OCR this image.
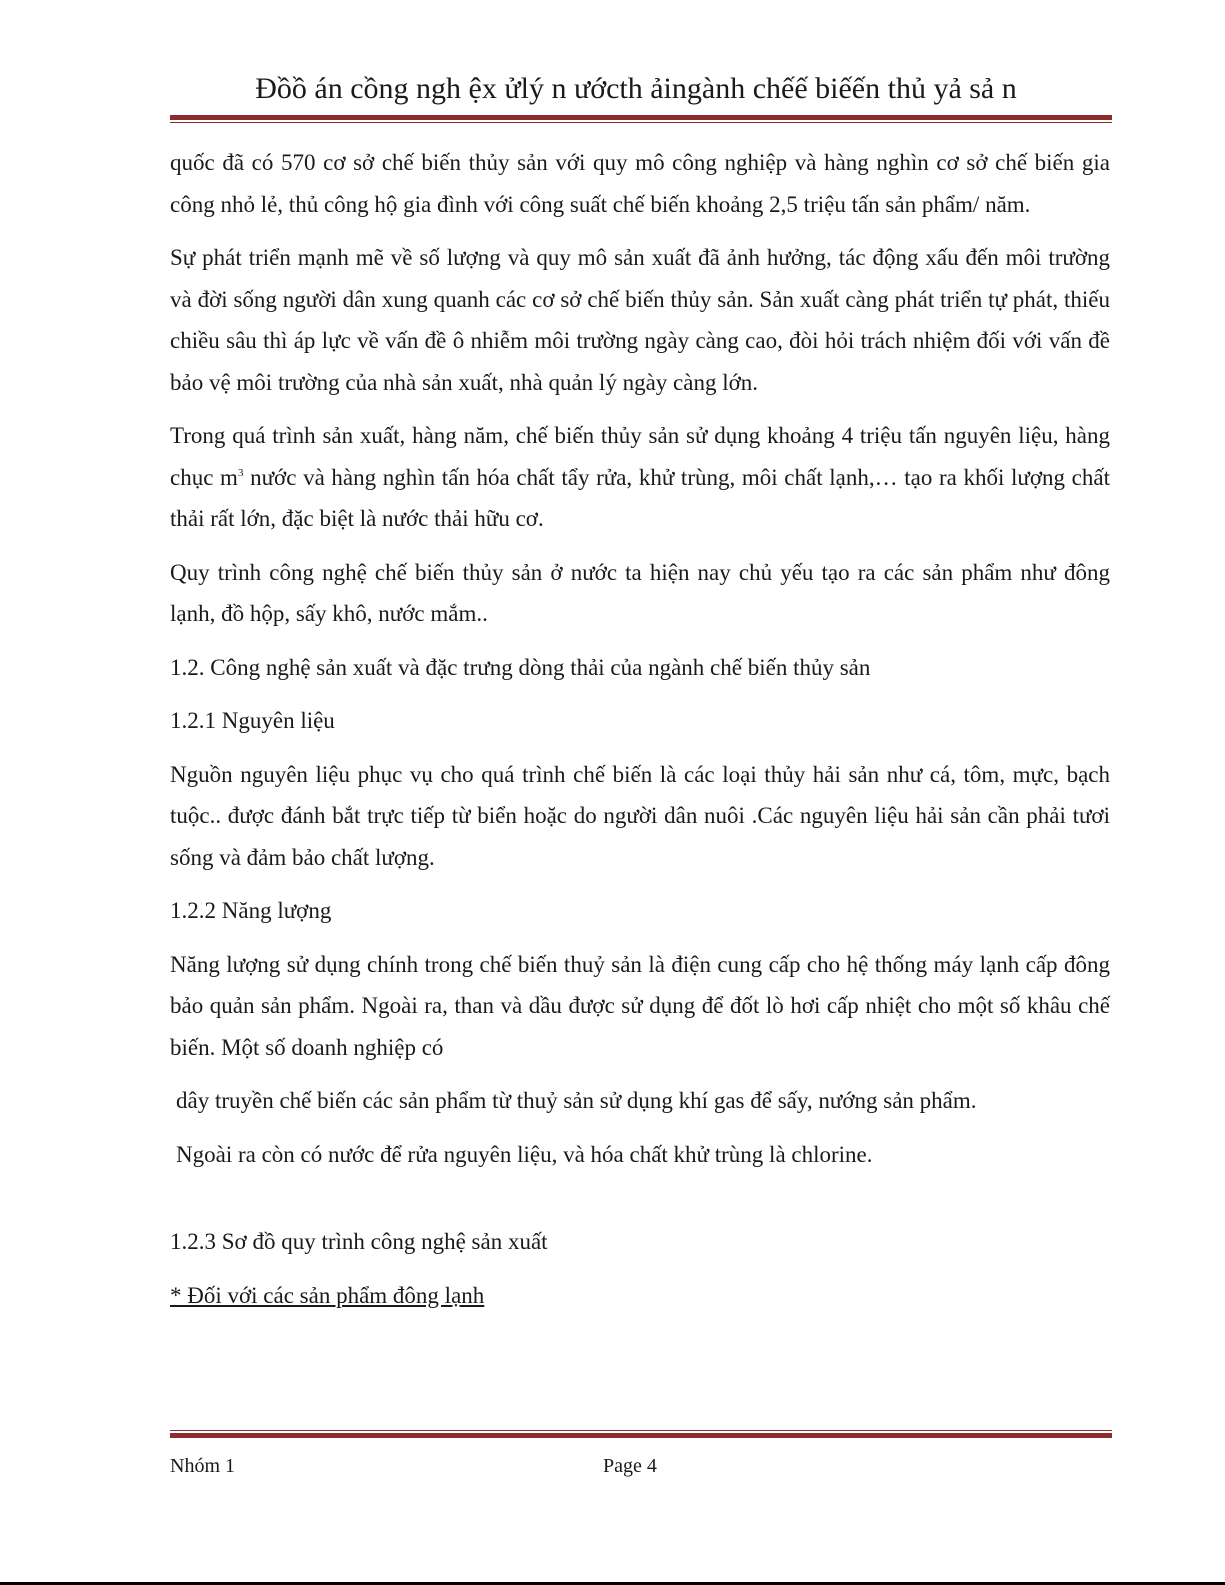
Đồồ án cồng ngh ệx ửlý n ướcth ảingành chếế biếến thủ yả sả n

quốc đã có 570 cơ sở chế biến thủy sản với quy mô công nghiệp và hàng nghìn cơ sở chế biến gia công nhỏ lẻ, thủ công hộ gia đình với công suất chế biến khoảng 2,5 triệu tấn sản phẩm/ năm.

Sự phát triển mạnh mẽ về số lượng và quy mô sản xuất đã ảnh hưởng, tác động xấu đến môi trường và đời sống người dân xung quanh các cơ sở chế biến thủy sản. Sản xuất càng phát triển tự phát, thiếu chiều sâu thì áp lực về vấn đề ô nhiễm môi trường ngày càng cao, đòi hỏi trách nhiệm đối với vấn đề bảo vệ môi trường của nhà sản xuất, nhà quản lý ngày càng lớn.

Trong quá trình sản xuất, hàng năm, chế biến thủy sản sử dụng khoảng 4 triệu tấn nguyên liệu, hàng chục $m^3$ nước và hàng nghìn tấn hóa chất tẩy rửa, khử trùng, môi chất lạnh,… tạo ra khối lượng chất thải rất lớn, đặc biệt là nước thải hữu cơ.

Quy trình công nghệ chế biến thủy sản ở nước ta hiện nay chủ yếu tạo ra các sản phẩm như đông lạnh, đồ hộp, sấy khô, nước mắm..

1.2. Công nghệ sản xuất và đặc trưng dòng thải của ngành chế biến thủy sản

1.2.1 Nguyên liệu

Nguồn nguyên liệu phục vụ cho quá trình chế biến là các loại thủy hải sản như cá, tôm, mực, bạch tuộc.. được đánh bắt trực tiếp từ biển hoặc do người dân nuôi .Các nguyên liệu hải sản cần phải tươi sống và đảm bảo chất lượng.

1.2.2 Năng lượng

Năng lượng sử dụng chính trong chế biến thuỷ sản là điện cung cấp cho hệ thống máy lạnh cấp đông bảo quản sản phẩm. Ngoài ra, than và dầu được sử dụng để đốt lò hơi cấp nhiệt cho một số khâu chế biến. Một số doanh nghiệp có

dây truyền chế biến các sản phẩm từ thuỷ sản sử dụng khí gas để sấy, nướng sản phẩm.

Ngoài ra còn có nước để rửa nguyên liệu, và hóa chất khử trùng là chlorine.

1.2.3 Sơ đồ quy trình công nghệ sản xuất

* Đối với các sản phẩm đông lạnh

Nhóm 1	Page 4
